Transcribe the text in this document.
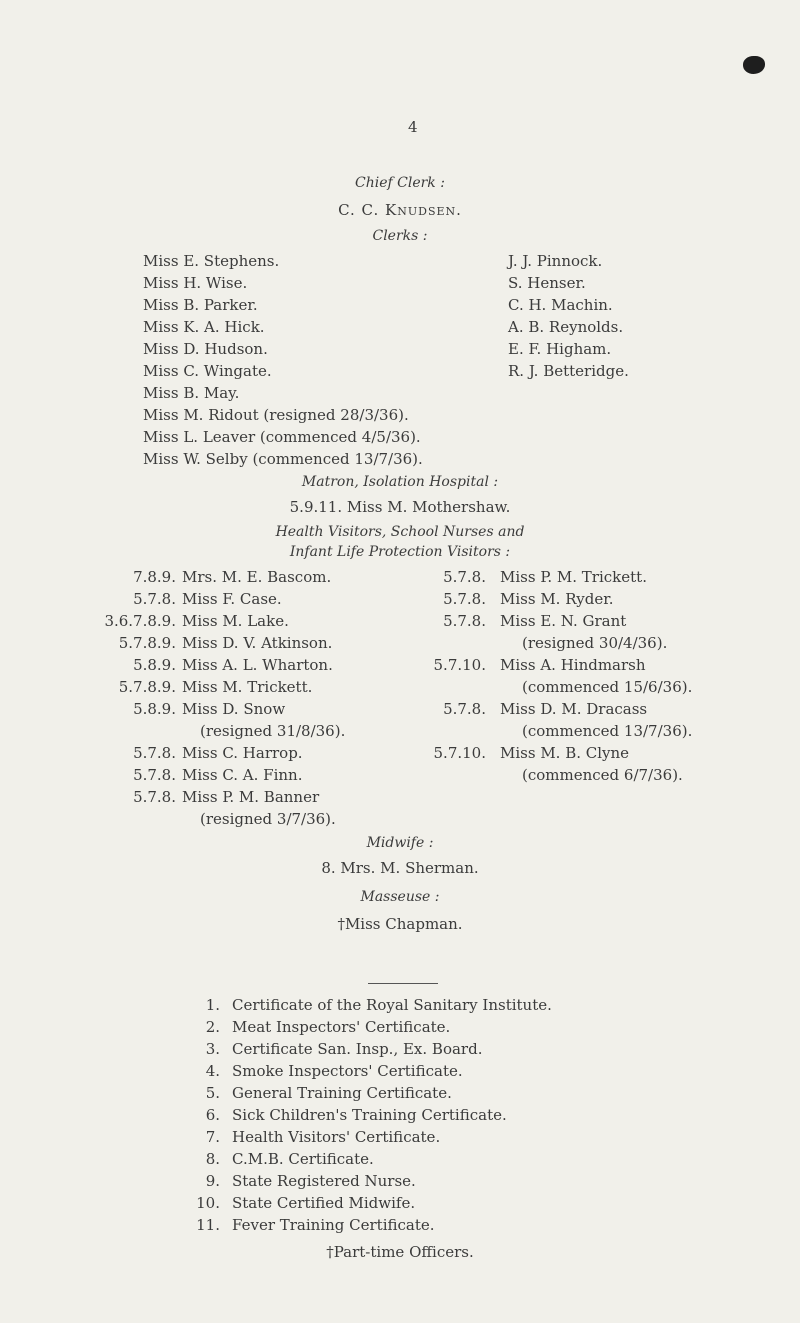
4
Chief Clerk :
C. C. Knudsen.
Clerks :
Miss E. Stephens.
Miss H. Wise.
Miss B. Parker.
Miss K. A. Hick.
Miss D. Hudson.
Miss C. Wingate.
Miss B. May.
Miss M. Ridout (resigned 28/3/36).
Miss L. Leaver (commenced 4/5/36).
Miss W. Selby (commenced 13/7/36).
J. J. Pinnock.
S. Henser.
C. H. Machin.
A. B. Reynolds.
E. F. Higham.
R. J. Betteridge.
Matron, Isolation Hospital :
5.9.11. Miss M. Mothershaw.
Health Visitors, School Nurses and
Infant Life Protection Visitors :
7.8.9. Mrs. M. E. Bascom.
5.7.8. Miss F. Case.
3.6.7.8.9. Miss M. Lake.
5.7.8.9. Miss D. V. Atkinson.
5.8.9. Miss A. L. Wharton.
5.7.8.9. Miss M. Trickett.
5.8.9. Miss D. Snow
(resigned 31/8/36).
5.7.8. Miss C. Harrop.
5.7.8. Miss C. A. Finn.
5.7.8. Miss P. M. Banner
(resigned 3/7/36).
5.7.8. Miss P. M. Trickett.
5.7.8. Miss M. Ryder.
5.7.8. Miss E. N. Grant
(resigned 30/4/36).
5.7.10. Miss A. Hindmarsh
(commenced 15/6/36).
5.7.8. Miss D. M. Dracass
(commenced 13/7/36).
5.7.10. Miss M. B. Clyne
(commenced 6/7/36).
Midwife :
8. Mrs. M. Sherman.
Masseuse :
†Miss Chapman.
1. Certificate of the Royal Sanitary Institute.
2. Meat Inspectors' Certificate.
3. Certificate San. Insp., Ex. Board.
4. Smoke Inspectors' Certificate.
5. General Training Certificate.
6. Sick Children's Training Certificate.
7. Health Visitors' Certificate.
8. C.M.B. Certificate.
9. State Registered Nurse.
10. State Certified Midwife.
11. Fever Training Certificate.
†Part-time Officers.
